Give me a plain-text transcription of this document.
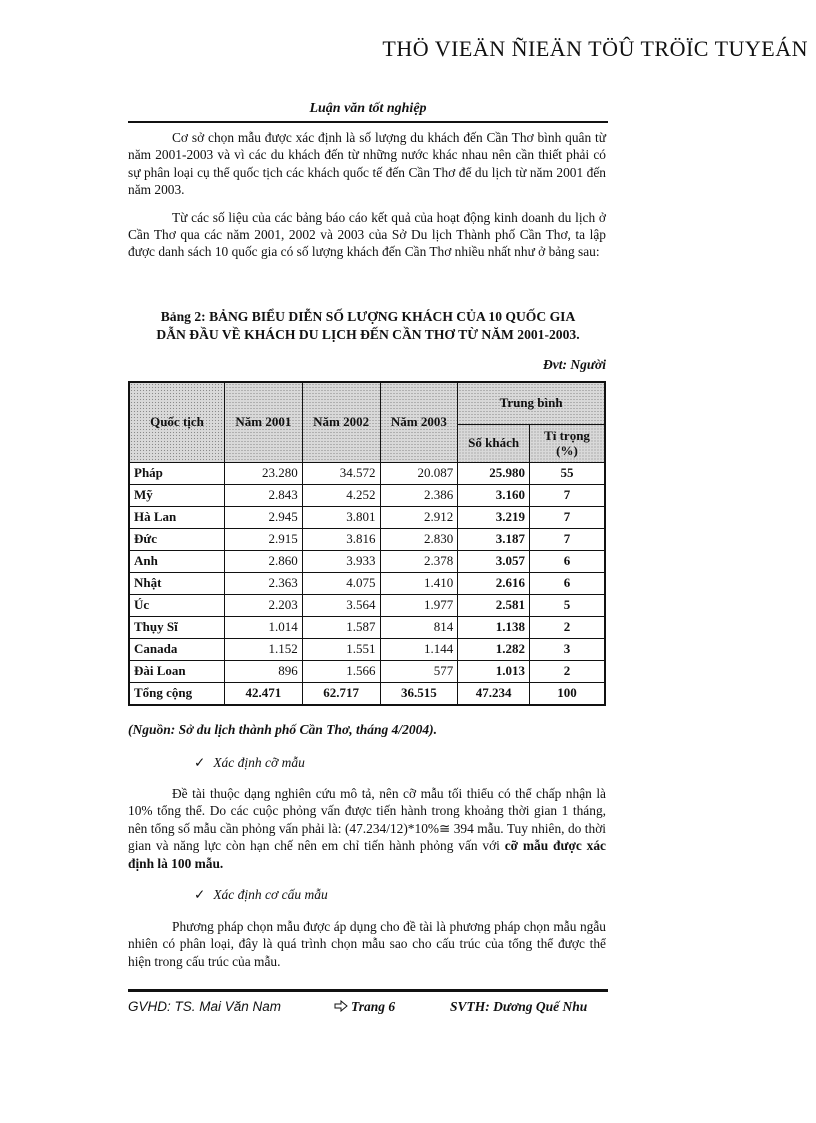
THÖ VIEÄN ÑIEÄN TÖÛ TRÖÏC TUYEÁN
Luận văn tốt nghiệp

Cơ sở chọn mẫu được xác định là số lượng du khách đến Cần Thơ bình quân từ năm 2001-2003 và vì các du khách đến từ những nước khác nhau nên cần thiết phải có sự phân loại cụ thể quốc tịch các khách quốc tế đến Cần Thơ để du lịch từ năm 2001 đến năm 2003.

Từ các số liệu của các bảng báo cáo kết quả của hoạt động kinh doanh du lịch ở Cần Thơ qua các năm 2001, 2002 và 2003 của Sở Du lịch Thành phố Cần Thơ, ta lập được danh sách 10 quốc gia có số lượng khách đến Cần Thơ nhiều nhất như ở bảng sau:

Bảng 2: BẢNG BIỂU DIỄN SỐ LƯỢNG KHÁCH CỦA 10 QUỐC GIA
DẪN ĐẦU VỀ KHÁCH DU LỊCH ĐẾN CẦN THƠ TỪ NĂM 2001-2003.
Đvt: Người
Quốc tịch	Năm 2001	Năm 2002	Năm 2003	Trung bình	
				Số khách	Tỉ trọng (%)
Pháp	23.280	34.572	20.087	25.980	55
Mỹ	2.843	4.252	2.386	3.160	7
Hà Lan	2.945	3.801	2.912	3.219	7
Đức	2.915	3.816	2.830	3.187	7
Anh	2.860	3.933	2.378	3.057	6
Nhật	2.363	4.075	1.410	2.616	6
Úc	2.203	3.564	1.977	2.581	5
Thụy Sĩ	1.014	1.587	814	1.138	2
Canada	1.152	1.551	1.144	1.282	3
Đài Loan	896	1.566	577	1.013	2
Tổng cộng	42.471	62.717	36.515	47.234	100
(Nguồn: Sở du lịch thành phố Cần Thơ, tháng 4/2004).
✓ Xác định cỡ mẫu

Đề tài thuộc dạng nghiên cứu mô tả, nên cỡ mẫu tối thiểu có thể chấp nhận là 10% tổng thể. Do các cuộc phỏng vấn được tiến hành trong khoảng thời gian 1 tháng, nên tổng số mẫu cần phỏng vấn phải là: (47.234/12)*10%≅ 394 mẫu. Tuy nhiên, do thời gian và năng lực còn hạn chế nên em chỉ tiến hành phỏng vấn với cỡ mẫu được xác định là 100 mẫu.

✓ Xác định cơ cấu mẫu

Phương pháp chọn mẫu được áp dụng cho đề tài là phương pháp chọn mẫu ngẫu nhiên có phân loại, đây là quá trình chọn mẫu sao cho cấu trúc của tổng thể được thể hiện trong cấu trúc của mẫu.

GVHD: TS. Mai Văn Nam	Trang 6	SVTH: Dương Quế Nhu
